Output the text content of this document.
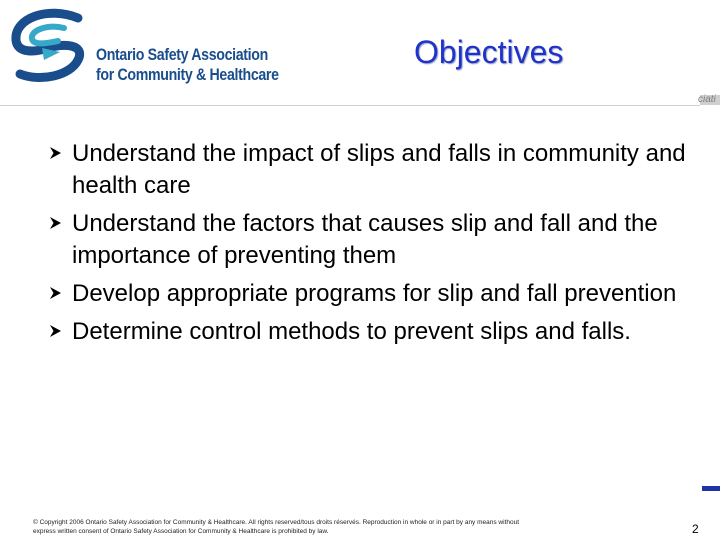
Ontario Safety Association
for Community & Healthcare
Objectives
ciati
Understand the impact of slips and falls in community and health care
Understand the factors that causes slip and fall and the importance of preventing them
Develop appropriate programs for slip and fall prevention
Determine control methods to prevent slips and falls.
© Copyright 2006 Ontario Safety Association for Community & Healthcare. All rights reserved/tous droits réservés. Reproduction in whole or in part by any means without
express written consent of Ontario Safety Association for Community & Healthcare is prohibited by law.	2
